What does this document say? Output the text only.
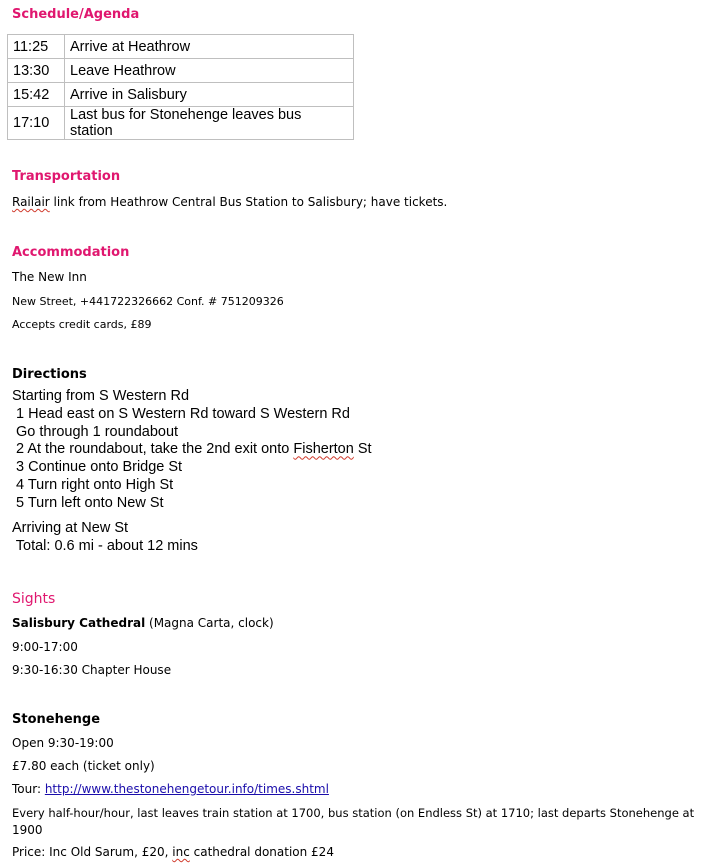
Schedule/Agenda
11:25	Arrive at Heathrow
13:30	Leave Heathrow
15:42	Arrive in Salisbury
17:10	Last bus for Stonehenge leaves bus station
Transportation
Railair link from Heathrow Central Bus Station to Salisbury; have tickets.
Accommodation
The New Inn
New Street, +441722326662 Conf. # 751209326
Accepts credit cards, £89
Directions
Starting from S Western Rd
1 Head east on S Western Rd toward S Western Rd
Go through 1 roundabout
2 At the roundabout, take the 2nd exit onto Fisherton St
3 Continue onto Bridge St
4 Turn right onto High St
5 Turn left onto New St
Arriving at New St
Total: 0.6 mi - about 12 mins
Sights
Salisbury Cathedral (Magna Carta, clock)
9:00-17:00
9:30-16:30 Chapter House
Stonehenge
Open 9:30-19:00
£7.80 each (ticket only)
Tour: http://www.thestonehengetour.info/times.shtml
Every half-hour/hour, last leaves train station at 1700, bus station (on Endless St) at 1710; last departs Stonehenge at
1900
Price: Inc Old Sarum, £20, inc cathedral donation £24
